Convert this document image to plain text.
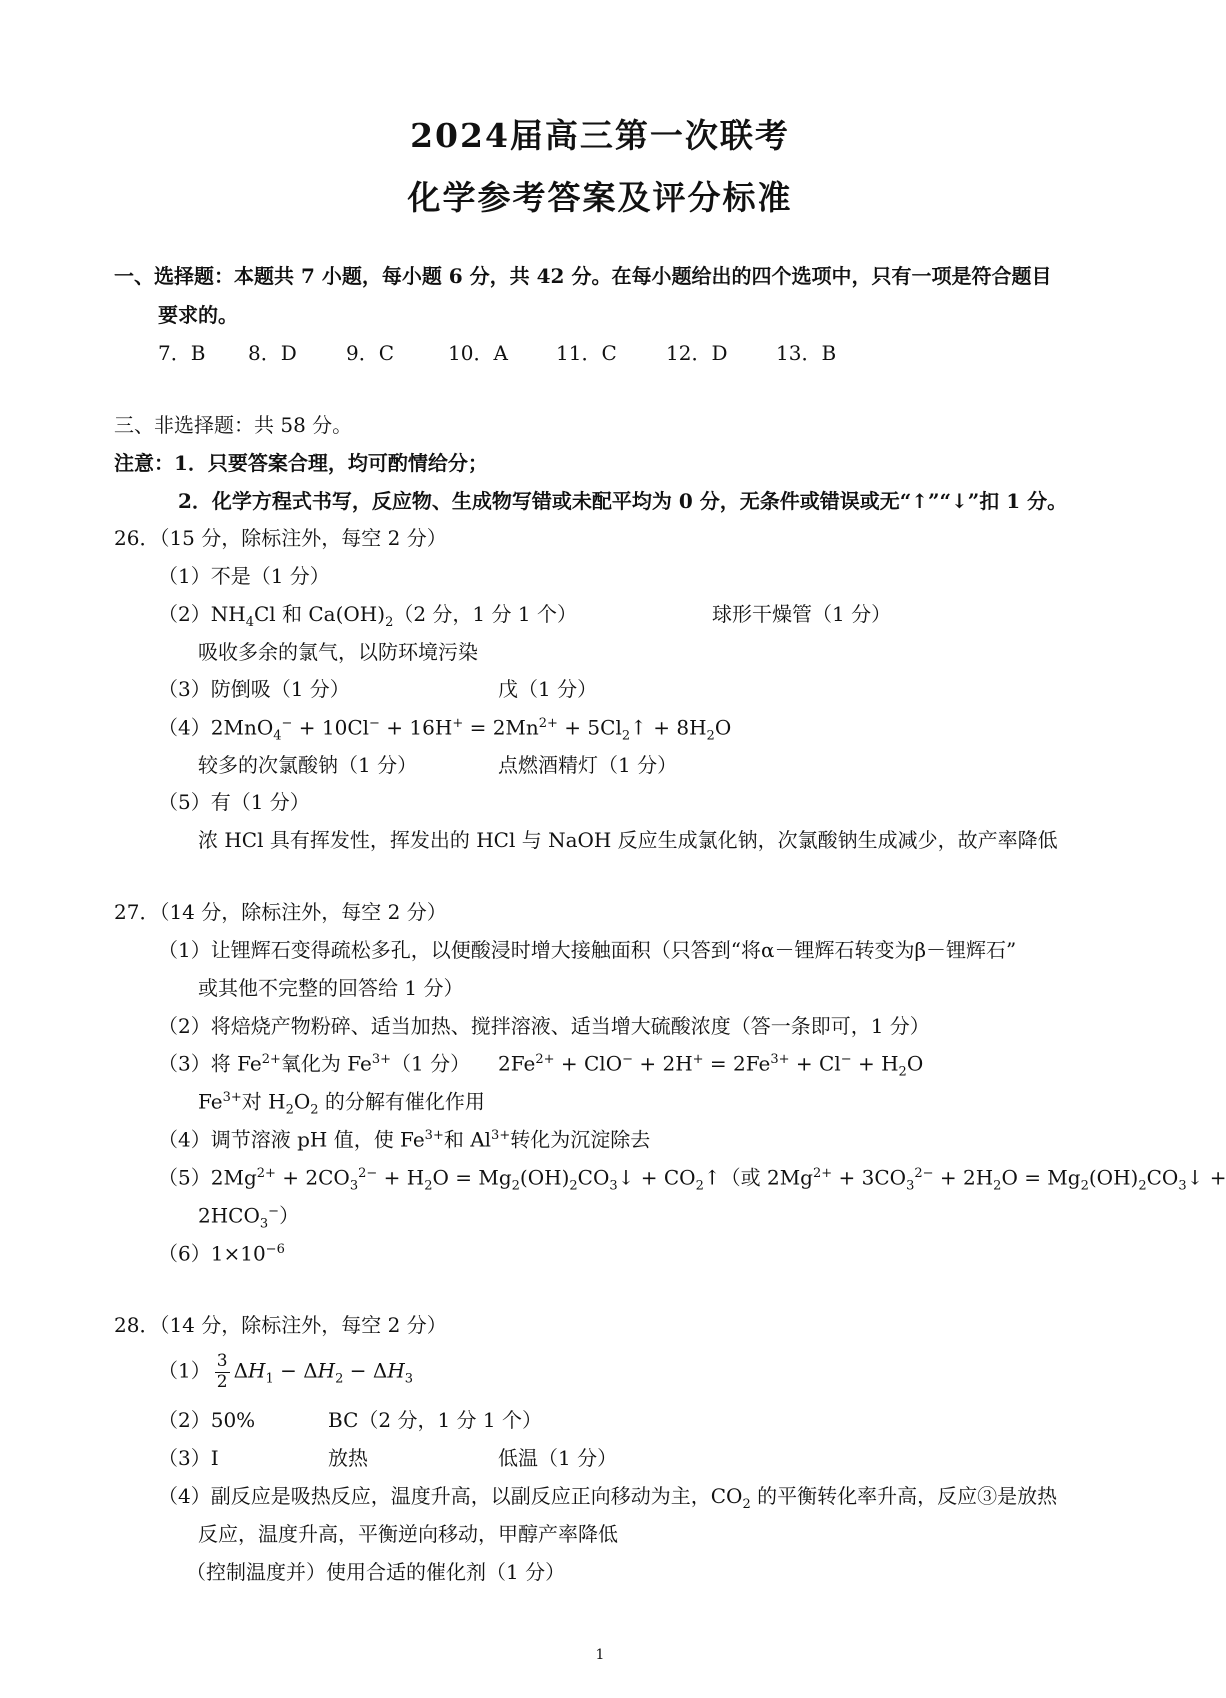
2024届高三第一次联考
化学参考答案及评分标准
一、选择题：本题共 7 小题，每小题 6 分，共 42 分。在每小题给出的四个选项中，只有一项是符合题目
要求的。
7．B 8．D 9．C	10．A 11．C 12．D 13．B
三、非选择题：共 58 分。
注意：1．只要答案合理，均可酌情给分；
2．化学方程式书写，反应物、生成物写错或未配平均为 0 分，无条件或错误或无“↑”“↓”扣 1 分。
26．（15 分，除标注外，每空 2 分）
（1）不是（1 分）
$(2)NH_4Cl$ 和 $Ca(OH)_2(2$ 分，1 分 1 个）	球形干燥管（1 分）
吸收多余的氯气，以防环境污染
（3）防倒吸（1 分）	戊（1 分）
$(4)2MnO_4^- + 10Cl^- + 16H^+ = 2Mn^{2+}$ + $5Cl_2↑ + 8H_2O$
较多的次氯酸钠（1 分）	点燃酒精灯（1 分）
（5）有（1 分）
浓 HCl 具有挥发性，挥发出的 HCl 与 NaOH 反应生成氯化钠，次氯酸钠生成减少，故产率降低
27．（14 分，除标注外，每空 2 分）
（1）让锂辉石变得疏松多孔，以便酸浸时增大接触面积（只答到“将α－锂辉石转变为β－锂辉石”
或其他不完整的回答给 1 分）
（2）将焙烧产物粉碎、适当加热、搅拌溶液、适当增大硫酸浓度（答一条即可，1 分）
（3）将 $Fe^{2+}$氧化为 $Fe^{3+}(1$ 分） $2Fe^{2+} + ClO^- + 2H^+ = 2Fe^{3+} + Cl^- + H_2O$
$Fe^{3+}$对 $H_2O_2$ 的分解有催化作用
（4）调节溶液 pH 值，使 $Fe^{3+}$和 $Al^{3+}$转化为沉淀除去
$(5)2Mg^{2+} + 2CO_3^{2-} + H_2O$ = $Mg_2(OH)_2CO_3↓$ + $CO_2↑$（或 $2Mg^{2+} + 3CO_3^{2-} + 2H_2O$ = $Mg_2(OH)_2CO_3↓$ +
$2HCO_3^-$）
$(6)1\times 10^{-6}$
28．（14 分，除标注外，每空 2 分）
$(1) \frac{3}{2} \Delta H_1 - \Delta H_2 - \Delta H_3$
（2）50%	BC（2 分，1 分 1 个）
（3）Ⅰ	放热	低温（1 分）
（4）副反应是吸热反应，温度升高，以副反应正向移动为主，$CO_2$ 的平衡转化率升高，反应③是放热
反应，温度升高，平衡逆向移动，甲醇产率降低
（控制温度并）使用合适的催化剂（1 分）
1
